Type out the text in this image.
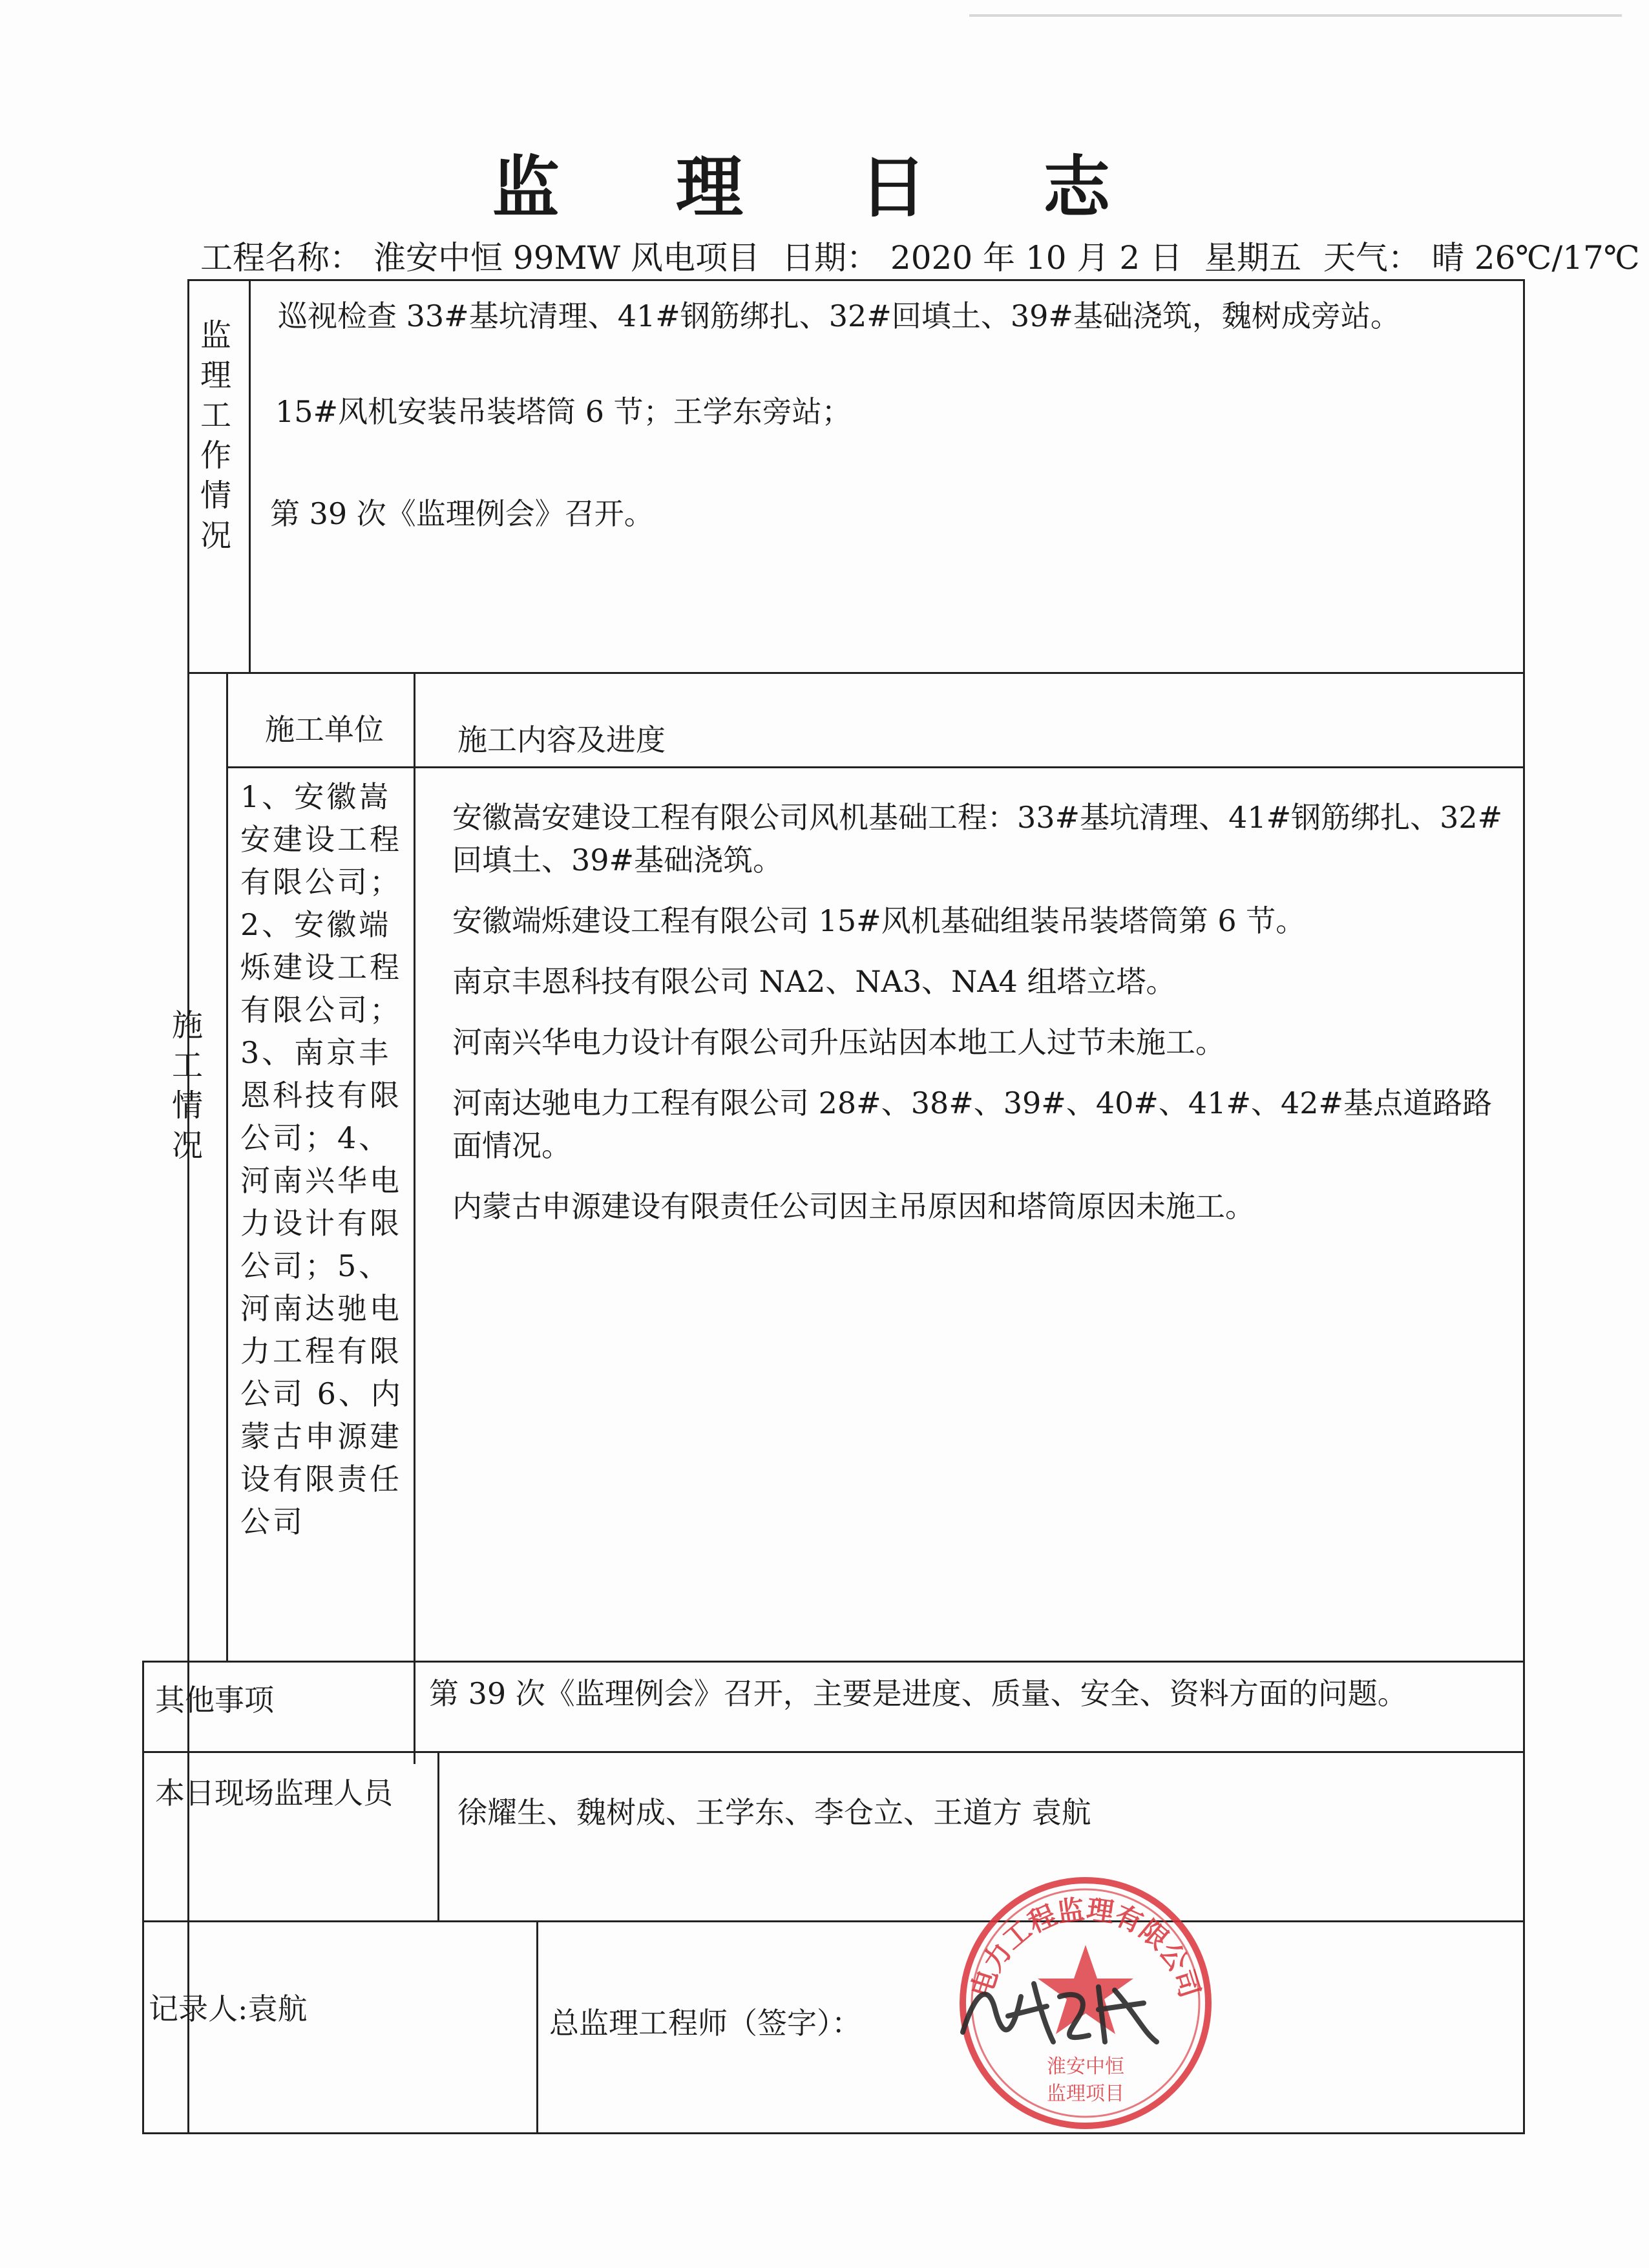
监 理 日 志
工程名称： 淮安中恒 99MW 风电项目 日期： 2020 年 10 月 2 日 星期五 天气： 晴 26℃/17℃
监理工作情况
巡视检查 33#基坑清理、41#钢筋绑扎、32#回填土、39#基础浇筑，魏树成旁站。
15#风机安装吊装塔筒 6 节；王学东旁站；
第 39 次《监理例会》召开。
施工情况
施工单位 施工内容及进度
1、安徽嵩安建设工程有限公司；2、安徽端烁建设工程有限公司；3、南京丰恩科技有限公司；4、河南兴华电力设计有限公司；5、河南达驰电力工程有限公司 6、内蒙古申源建设有限责任公司

安徽嵩安建设工程有限公司风机基础工程：33#基坑清理、41#钢筋绑扎、32#回填土、39#基础浇筑。

安徽端烁建设工程有限公司 15#风机基础组装吊装塔筒第 6 节。

南京丰恩科技有限公司 NA2、NA3、NA4 组塔立塔。

河南兴华电力设计有限公司升压站因本地工人过节未施工。

河南达驰电力工程有限公司 28#、38#、39#、40#、41#、42#基点道路路面情况。

内蒙古申源建设有限责任公司因主吊原因和塔筒原因未施工。

其他事项	第 39 次《监理例会》召开，主要是进度、质量、安全、资料方面的问题。
本日现场监理人员
徐耀生、魏树成、王学东、李仓立、王道方 袁航
记录人:袁航	总监理工程师（签字）：
电力工程监理有限公司
淮安中恒
监理项目
